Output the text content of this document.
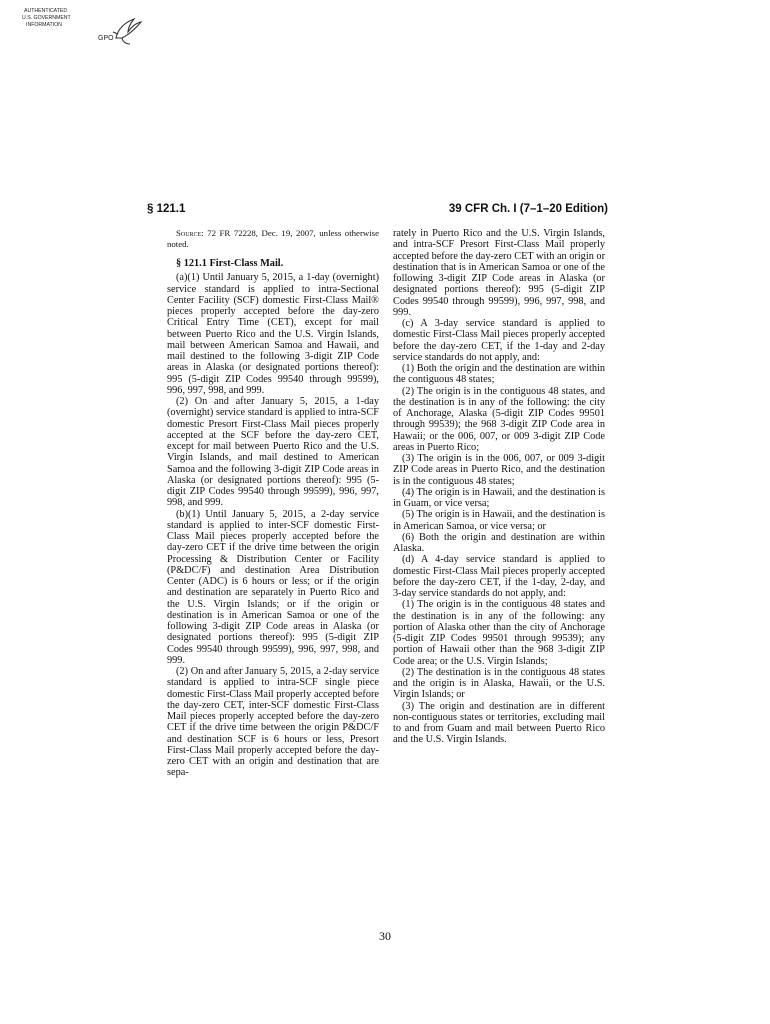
AUTHENTICATED
U.S. GOVERNMENT
INFORMATION
GPO
§ 121.1	39 CFR Ch. I (7–1–20 Edition)

Source: 72 FR 72228, Dec. 19, 2007, unless otherwise noted.

§ 121.1 First-Class Mail.

(a)(1) Until January 5, 2015, a 1-day (overnight) service standard is applied to intra-Sectional Center Facility (SCF) domestic First-Class Mail® pieces properly accepted before the day-zero Critical Entry Time (CET), except for mail between Puerto Rico and the U.S. Virgin Islands, mail between American Samoa and Hawaii, and mail destined to the following 3-digit ZIP Code areas in Alaska (or designated portions thereof): 995 (5-digit ZIP Codes 99540 through 99599), 996, 997, 998, and 999.

(2) On and after January 5, 2015, a 1-day (overnight) service standard is applied to intra-SCF domestic Presort First-Class Mail pieces properly accepted at the SCF before the day-zero CET, except for mail between Puerto Rico and the U.S. Virgin Islands, and mail destined to American Samoa and the following 3-digit ZIP Code areas in Alaska (or designated portions thereof): 995 (5-digit ZIP Codes 99540 through 99599), 996, 997, 998, and 999.

(b)(1) Until January 5, 2015, a 2-day service standard is applied to inter-SCF domestic First-Class Mail pieces properly accepted before the day-zero CET if the drive time between the origin Processing & Distribution Center or Facility (P&DC/F) and destination Area Distribution Center (ADC) is 6 hours or less; or if the origin and destination are separately in Puerto Rico and the U.S. Virgin Islands; or if the origin or destination is in American Samoa or one of the following 3-digit ZIP Code areas in Alaska (or designated portions thereof): 995 (5-digit ZIP Codes 99540 through 99599), 996, 997, 998, and 999.

(2) On and after January 5, 2015, a 2-day service standard is applied to intra-SCF single piece domestic First-Class Mail properly accepted before the day-zero CET, inter-SCF domestic First-Class Mail pieces properly accepted before the day-zero CET if the drive time between the origin P&DC/F and destination SCF is 6 hours or less, Presort First-Class Mail properly accepted before the day-zero CET with an origin and destination that are sepa-

rately in Puerto Rico and the U.S. Virgin Islands, and intra-SCF Presort First-Class Mail properly accepted before the day-zero CET with an origin or destination that is in American Samoa or one of the following 3-digit ZIP Code areas in Alaska (or designated portions thereof): 995 (5-digit ZIP Codes 99540 through 99599), 996, 997, 998, and 999.

(c) A 3-day service standard is applied to domestic First-Class Mail pieces properly accepted before the day-zero CET, if the 1-day and 2-day service standards do not apply, and:

(1) Both the origin and the destination are within the contiguous 48 states;

(2) The origin is in the contiguous 48 states, and the destination is in any of the following: the city of Anchorage, Alaska (5-digit ZIP Codes 99501 through 99539); the 968 3-digit ZIP Code area in Hawaii; or the 006, 007, or 009 3-digit ZIP Code areas in Puerto Rico;

(3) The origin is in the 006, 007, or 009 3-digit ZIP Code areas in Puerto Rico, and the destination is in the contiguous 48 states;

(4) The origin is in Hawaii, and the destination is in Guam, or vice versa;

(5) The origin is in Hawaii, and the destination is in American Samoa, or vice versa; or

(6) Both the origin and destination are within Alaska.

(d) A 4-day service standard is applied to domestic First-Class Mail pieces properly accepted before the day-zero CET, if the 1-day, 2-day, and 3-day service standards do not apply, and:

(1) The origin is in the contiguous 48 states and the destination is in any of the following: any portion of Alaska other than the city of Anchorage (5-digit ZIP Codes 99501 through 99539); any portion of Hawaii other than the 968 3-digit ZIP Code area; or the U.S. Virgin Islands;

(2) The destination is in the contiguous 48 states and the origin is in Alaska, Hawaii, or the U.S. Virgin Islands; or

(3) The origin and destination are in different non-contiguous states or territories, excluding mail to and from Guam and mail between Puerto Rico and the U.S. Virgin Islands.

30
